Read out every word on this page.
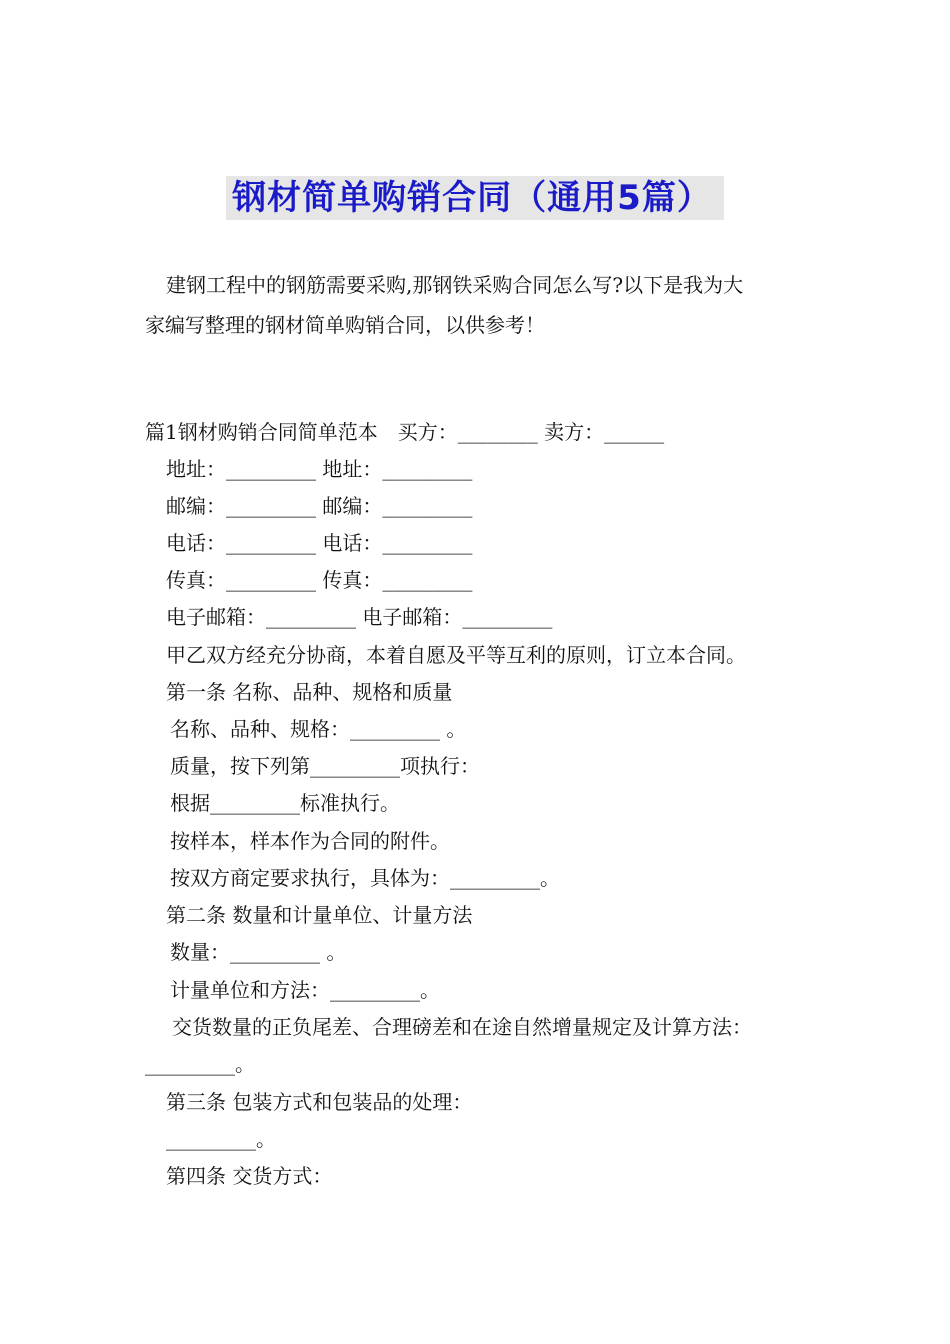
钢材简单购销合同（通用5篇）
建钢工程中的钢筋需要采购,那钢铁采购合同怎么写?以下是我为大
家编写整理的钢材简单购销合同，以供参考！
篇1钢材购销合同简单范本　买方：________ 卖方：______
地址：_________ 地址：_________
邮编：_________ 邮编：_________
电话：_________ 电话：_________
传真：_________ 传真：_________
电子邮箱：_________ 电子邮箱：_________
甲乙双方经充分协商，本着自愿及平等互利的原则，订立本合同。
第一条 名称、品种、规格和质量
名称、品种、规格：_________ 。
质量，按下列第_________项执行：
根据_________标准执行。
按样本，样本作为合同的附件。
按双方商定要求执行，具体为：_________。
第二条 数量和计量单位、计量方法
数量：_________ 。
计量单位和方法：_________。
交货数量的正负尾差、合理磅差和在途自然增量规定及计算方法：
_________。
第三条 包装方式和包装品的处理：
_________。
第四条 交货方式：
